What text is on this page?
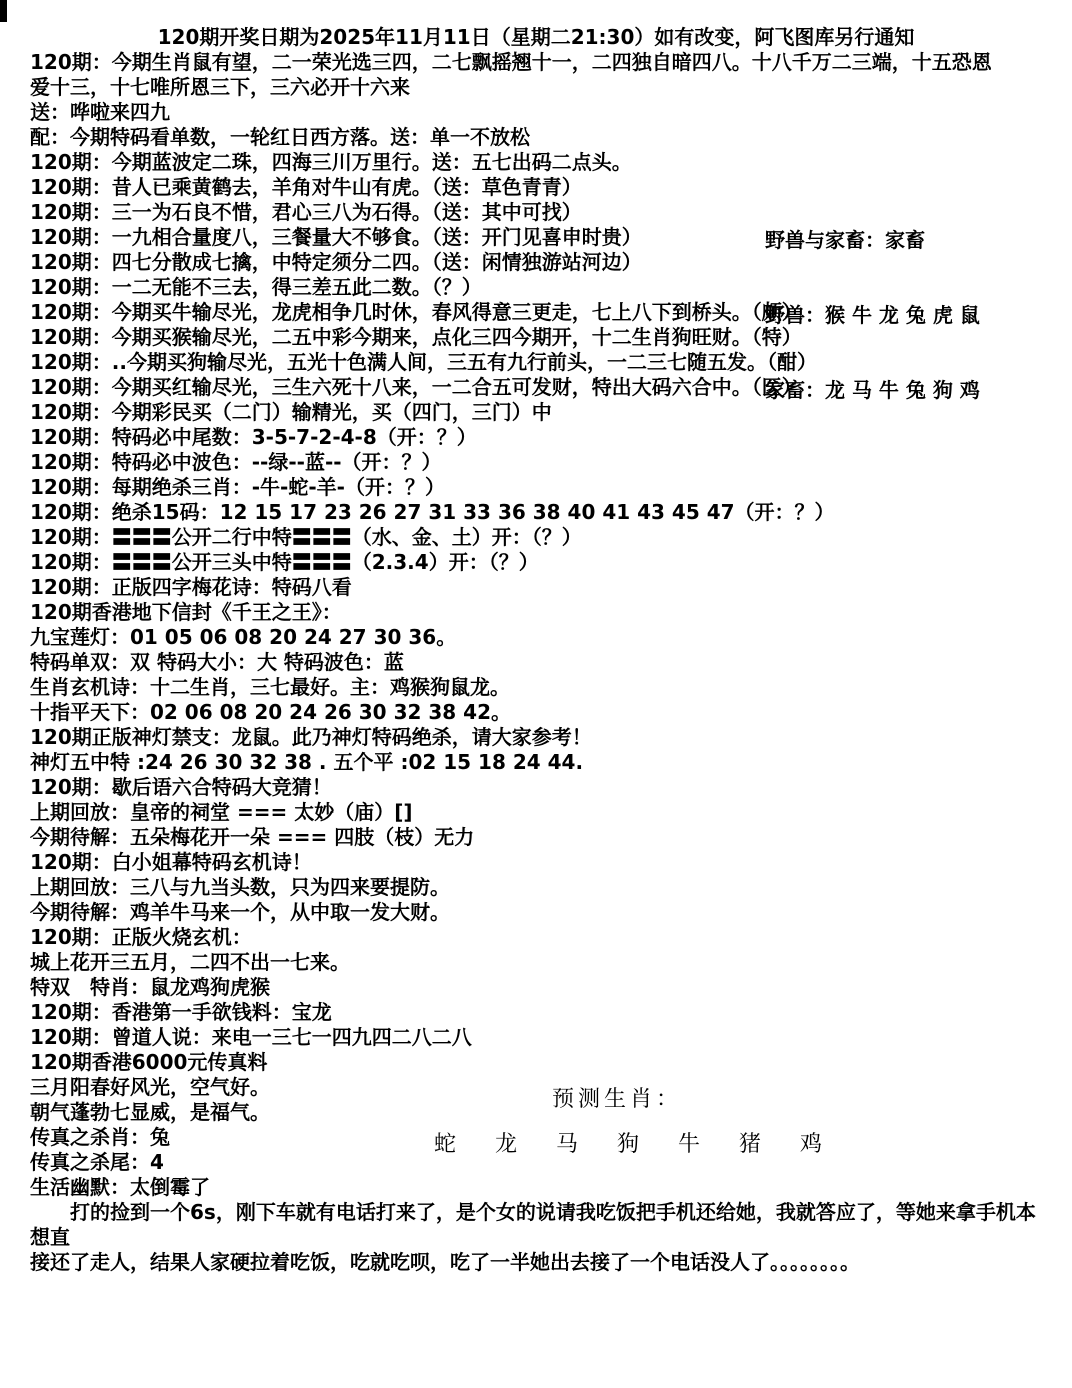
120期开奖日期为2025年11月11日（星期二21:30）如有改变，阿飞图库另行通知
120期：今期生肖鼠有望，二一荣光选三四，二七飘摇翘十一，二四独自暗四八。十八千万二三端，十五恐恩
爱十三，十七唯所恩三下，三六必开十六来
送：哗啦来四九
配：今期特码看单数，一轮红日西方落。送：单一不放松
120期：今期蓝波定二珠，四海三川万里行。送：五七出码二点头。
120期：昔人已乘黄鹤去，羊角对牛山有虎。（送：草色青青）
120期：三一为石良不惜，君心三八为石得。（送：其中可找）
120期：一九相合量度八，三餐量大不够食。（送：开门见喜申时贵）
120期：四七分散成七擒，中特定须分二四。（送：闲情独游站河边）
120期：一二无能不三去，得三差五此二数。（？）
120期：今期买牛输尽光，龙虎相争几时休，春风得意三更走，七上八下到桥头。（颇）
120期：今期买猴输尽光，二五中彩今期来，点化三四今期开，十二生肖狗旺财。（特）
120期：..今期买狗输尽光，五光十色满人间，三五有九行前头，一二三七随五发。（酣）
120期：今期买红输尽光，三生六死十八来，一二合五可发财，特出大码六合中。（医）
120期：今期彩民买（二门）输精光，买（四门，三门）中
120期：特码必中尾数：3-5-7-2-4-8（开：？）
120期：特码必中波色：--绿--蓝--（开：？）
120期：每期绝杀三肖：-牛-蛇-羊-（开：？）
120期：绝杀15码：12 15 17 23 26 27 31 33 36 38 40 41 43 45 47（开：？）
120期：〓〓〓公开二行中特〓〓〓（水、金、土）开：（？）
120期：〓〓〓公开三头中特〓〓〓（2.3.4）开：（？）
120期：正版四字梅花诗：特码八看
120期香港地下信封《千王之王》：
九宝莲灯：01 05 06 08 20 24 27 30 36。
特码单双：双 特码大小：大 特码波色：蓝
生肖玄机诗：十二生肖，三七最好。主：鸡猴狗鼠龙。
十指平天下：02 06 08 20 24 26 30 32 38 42。
120期正版神灯禁支：龙鼠。此乃神灯特码绝杀，请大家参考！
神灯五中特 :24 26 30 32 38 . 五个平 :02 15 18 24 44.
120期：歇后语六合特码大竞猜！
上期回放：皇帝的祠堂 === 太妙（庙）[]
今期待解：五朵梅花开一朵 === 四肢（枝）无力
120期：白小姐幕特码玄机诗！
上期回放：三八与九当头数，只为四来要提防。
今期待解：鸡羊牛马来一个，从中取一发大财。
120期：正版火烧玄机：
城上花开三五月，二四不出一七来。
特双　特肖：鼠龙鸡狗虎猴
120期：香港第一手欲钱料：宝龙
120期：曾道人说：来电一三七一四九四二八二八
120期香港6000元传真料
三月阳春好风光，空气好。
朝气蓬勃七显威，是福气。
传真之杀肖：兔
传真之杀尾：4
生活幽默：太倒霉了
打的捡到一个6s，刚下车就有电话打来了，是个女的说请我吃饭把手机还给她，我就答应了，等她来拿手机本想直
接还了走人，结果人家硬拉着吃饭，吃就吃呗，吃了一半她出去接了一个电话没人了。。。。。。。。

野兽与家畜：家畜

野兽：猴 牛 龙 兔 虎 鼠

家畜：龙 马 牛 兔 狗 鸡

预测生肖：
蛇 龙 马 狗 牛 猪 鸡
